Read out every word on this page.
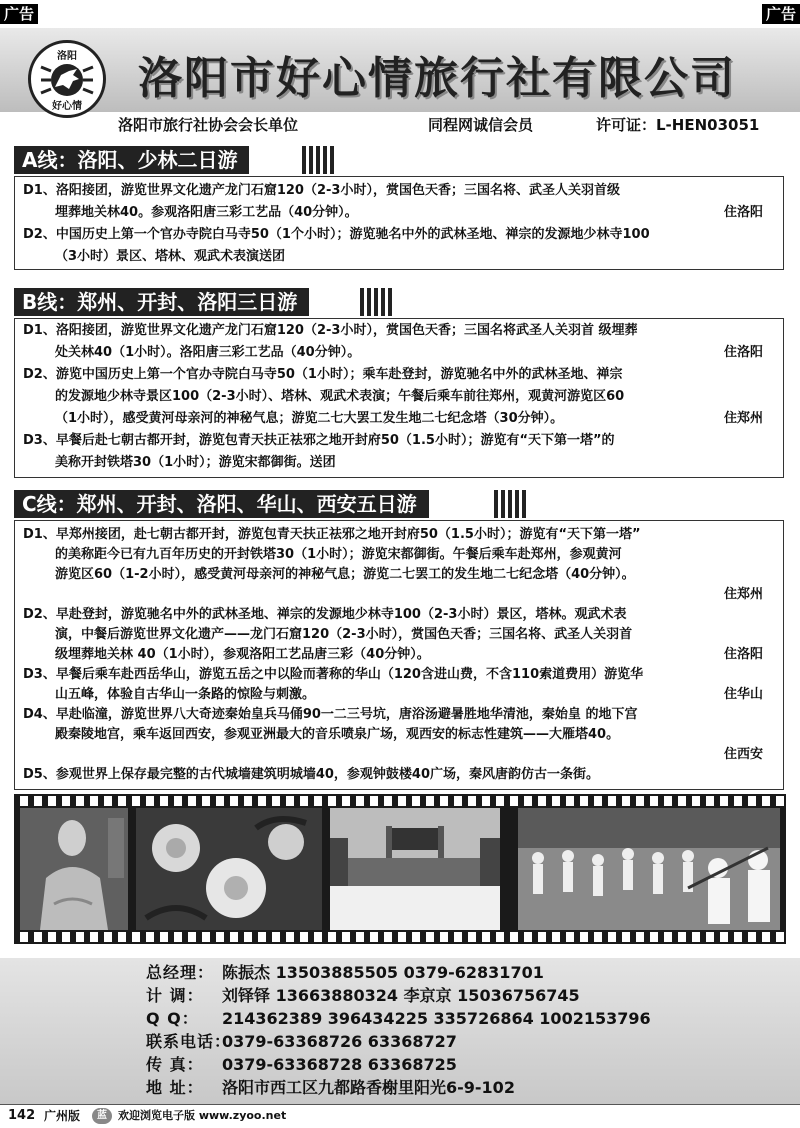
广告	广告
洛阳
好心情
洛阳市好心情旅行社有限公司
洛阳市旅行社协会会长单位	同程网诚信会员	许可证：L-HEN03051
A线：洛阳、少林二日游
D1、洛阳接团，游览世界文化遗产龙门石窟120（2-3小时），赏国色天香；三国名将、武圣人关羽首级
埋葬地关林40。参观洛阳唐三彩工艺品（40分钟）。	住洛阳
D2、中国历史上第一个官办寺院白马寺50（1个小时）；游览驰名中外的武林圣地、禅宗的发源地少林寺100
（3小时）景区、塔林、观武术表演送团
B线：郑州、开封、洛阳三日游
D1、洛阳接团，游览世界文化遗产龙门石窟120（2-3小时），赏国色天香；三国名将武圣人关羽首 级埋葬
处关林40（1小时）。洛阳唐三彩工艺品（40分钟）。	住洛阳
D2、游览中国历史上第一个官办寺院白马寺50（1小时）；乘车赴登封，游览驰名中外的武林圣地、禅宗
的发源地少林寺景区100（2-3小时）、塔林、观武术表演；午餐后乘车前往郑州，观黄河游览区60
（1小时），感受黄河母亲河的神秘气息；游览二七大罢工发生地二七纪念塔（30分钟）。	住郑州
D3、早餐后赴七朝古都开封，游览包青天扶正祛邪之地开封府50（1.5小时）；游览有“天下第一塔”的
美称开封铁塔30（1小时）；游览宋都御街。送团
C线：郑州、开封、洛阳、华山、西安五日游
D1、早郑州接团，赴七朝古都开封，游览包青天扶正祛邪之地开封府50（1.5小时）；游览有“天下第一塔”
的美称距今已有九百年历史的开封铁塔30（1小时）；游览宋都御街。午餐后乘车赴郑州，参观黄河
游览区60（1-2小时），感受黄河母亲河的神秘气息；游览二七罢工的发生地二七纪念塔（40分钟）。
住郑州
D2、早赴登封，游览驰名中外的武林圣地、禅宗的发源地少林寺100（2-3小时）景区，塔林。观武术表
演，中餐后游览世界文化遗产——龙门石窟120（2-3小时），赏国色天香；三国名将、武圣人关羽首
级埋葬地关林 40（1小时），参观洛阳工艺品唐三彩（40分钟）。	住洛阳
D3、早餐后乘车赴西岳华山，游览五岳之中以险而著称的华山（120含进山费，不含110索道费用）游览华
山五峰，体验自古华山一条路的惊险与刺激。	住华山
D4、早赴临潼，游览世界八大奇迹秦始皇兵马俑90一二三号坑，唐浴汤避暑胜地华清池，秦始皇 的地下宫
殿秦陵地宫，乘车返回西安，参观亚洲最大的音乐喷泉广场，观西安的标志性建筑——大雁塔40。
住西安
D5、参观世界上保存最完整的古代城墙建筑明城墙40，参观钟鼓楼40广场，秦风唐韵仿古一条街。
总经理： 陈振杰 13503885505 0379-62831701
计 调： 刘铎铎 13663880324 李京京 15036756745
Q Q： 214362389 396434225 335726864 1002153796
联系电话：0379-63368726 63368727
传 真： 0379-63368728 63368725
地 址： 洛阳市西工区九都路香榭里阳光6-9-102
142 广州版	蓝	欢迎浏览电子版 www.zyoo.net
